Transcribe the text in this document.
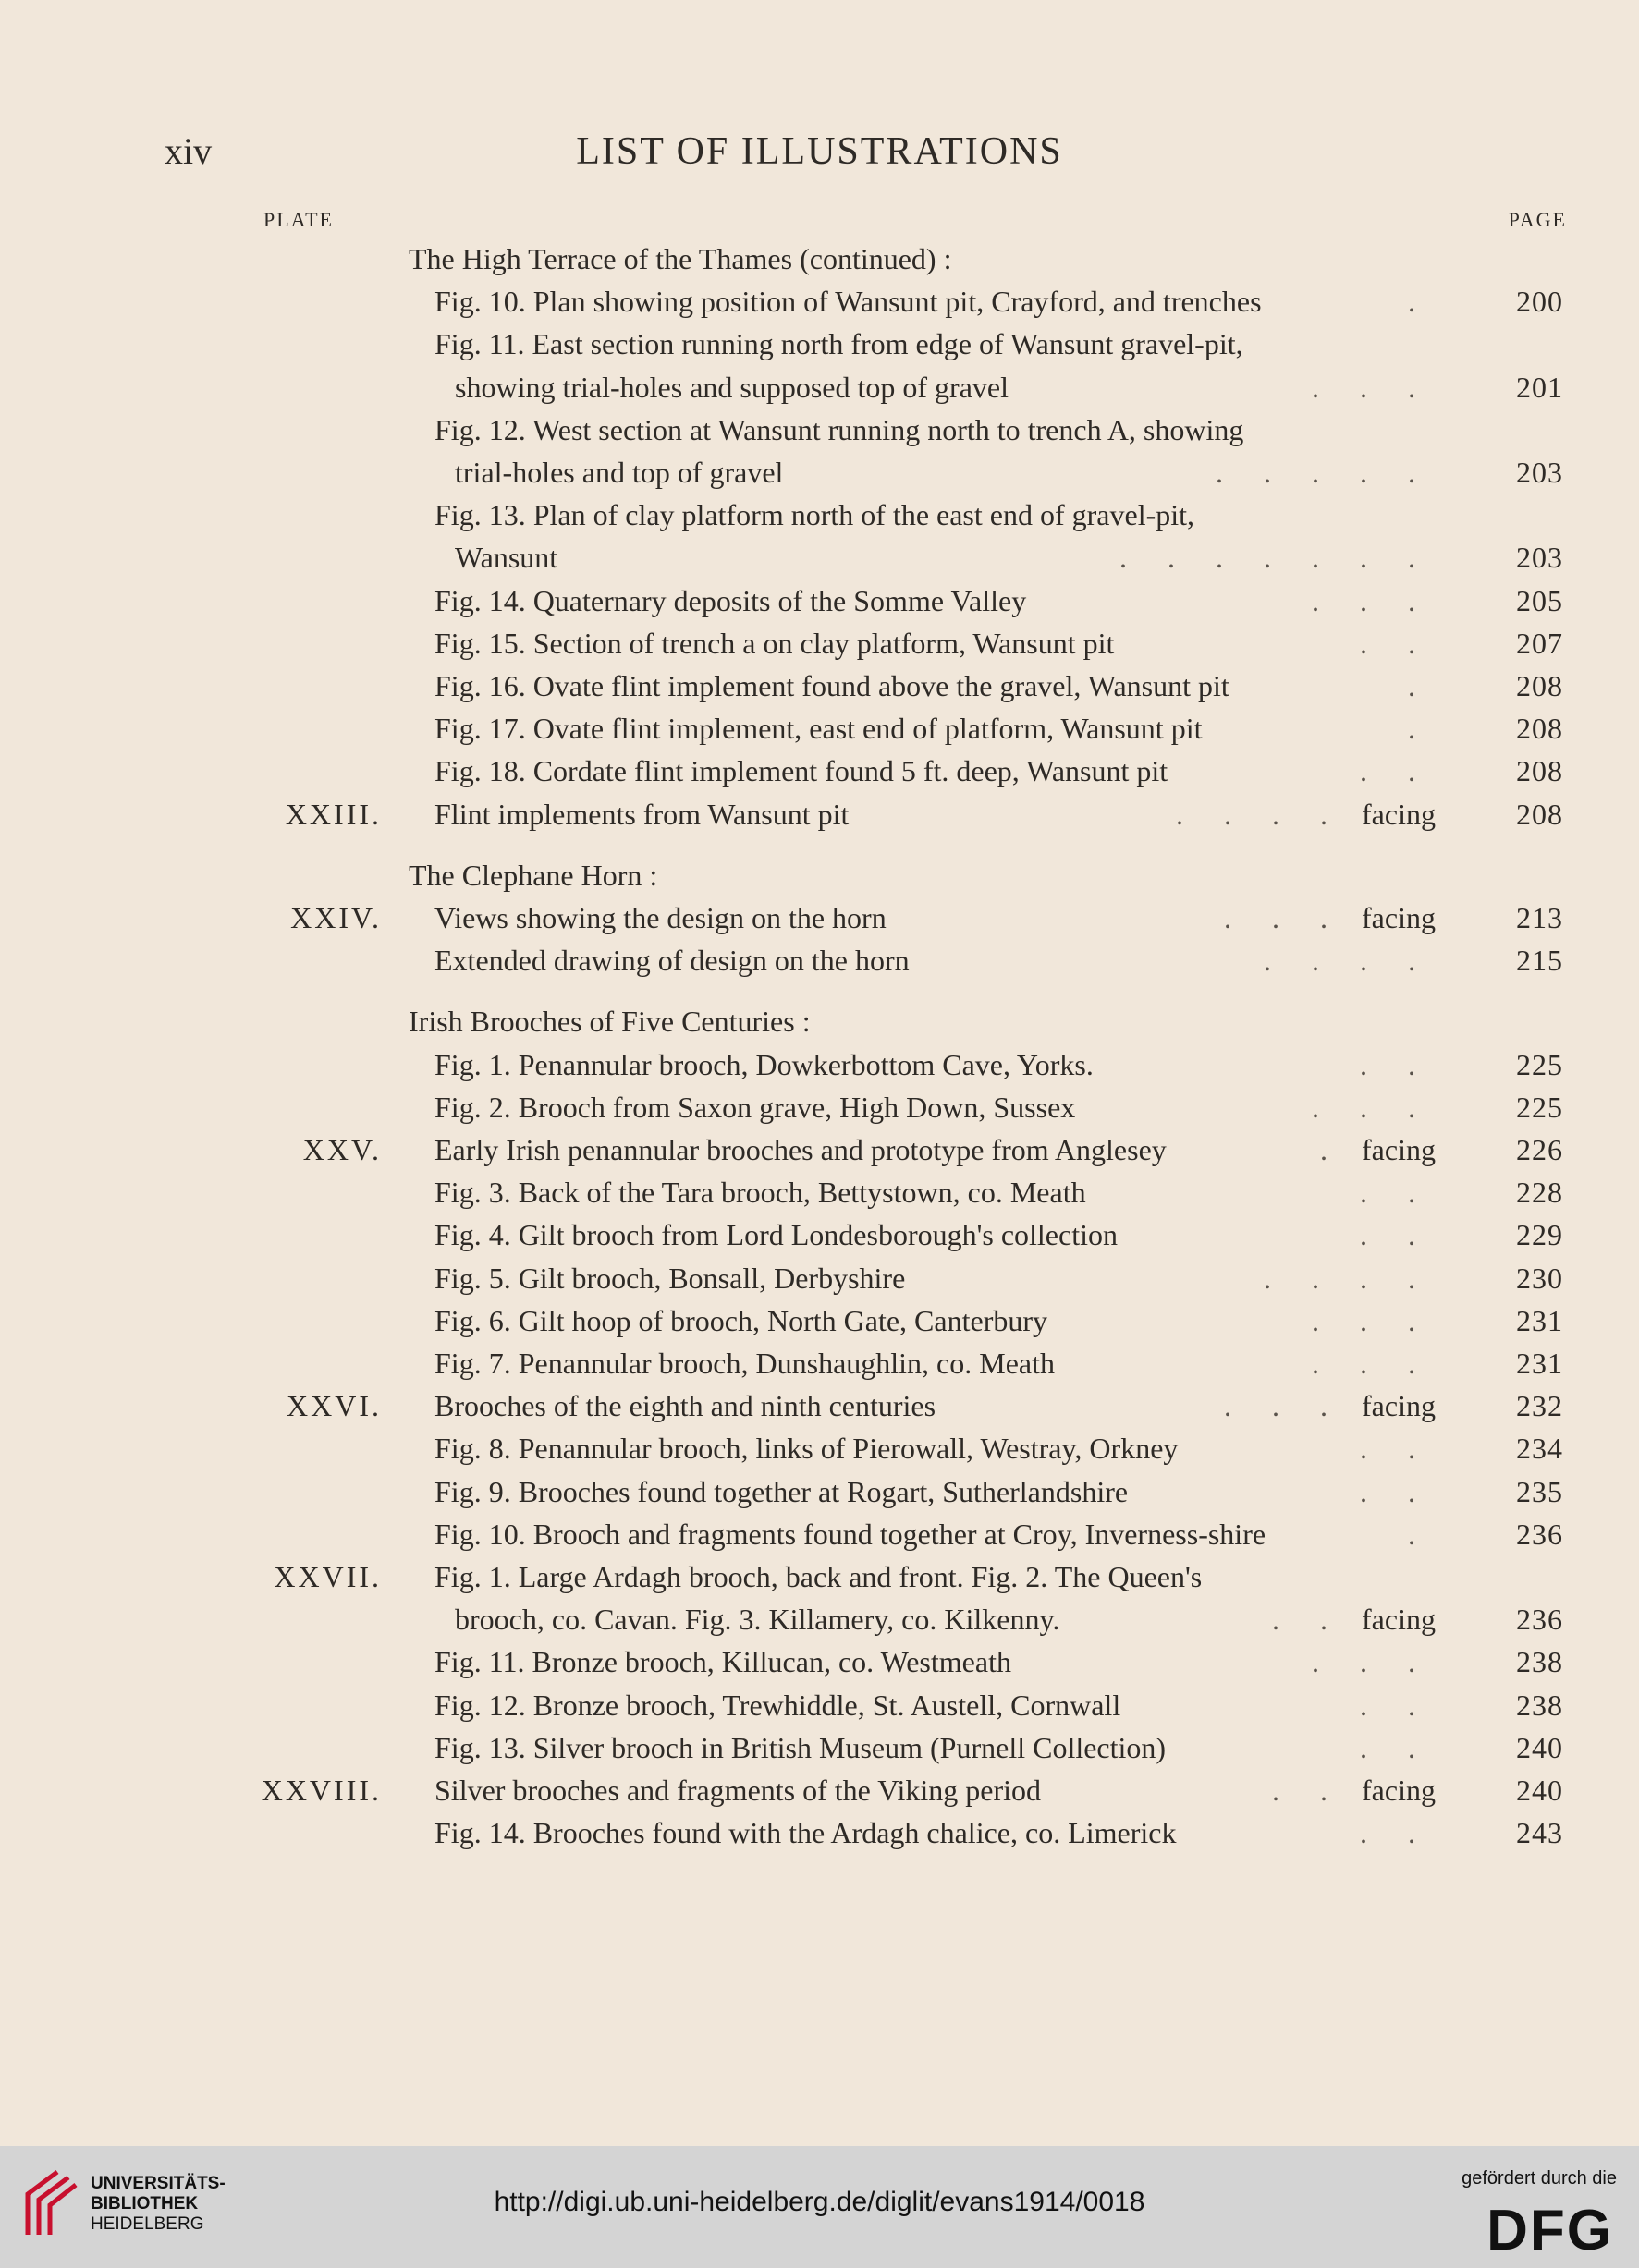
xiv	LIST OF ILLUSTRATIONS
PLATE	PAGE
The High Terrace of the Thames (continued) :
Fig. 10. Plan showing position of Wansunt pit, Crayford, and trenches	200
.
Fig. 11. East section running north from edge of Wansunt gravel-pit,
showing trial-holes and supposed top of gravel	201
. . .
Fig. 12. West section at Wansunt running north to trench A, showing
trial-holes and top of gravel	203
. . . . .
Fig. 13. Plan of clay platform north of the east end of gravel-pit,
Wansunt	203
. . . . . . .
Fig. 14. Quaternary deposits of the Somme Valley	205
. . .
Fig. 15. Section of trench a on clay platform, Wansunt pit	207
. .
Fig. 16. Ovate flint implement found above the gravel, Wansunt pit	208
.
Fig. 17. Ovate flint implement, east end of platform, Wansunt pit	208
.
Fig. 18. Cordate flint implement found 5 ft. deep, Wansunt pit	208
. .
XXIII. Flint implements from Wansunt pit	facing	208
. . . .
The Clephane Horn :
XXIV. Views showing the design on the horn	facing	213
. . .
Extended drawing of design on the horn	215
. . . .
Irish Brooches of Five Centuries :
Fig. 1. Penannular brooch, Dowkerbottom Cave, Yorks.	225
. .
Fig. 2. Brooch from Saxon grave, High Down, Sussex	225
. . .
XXV. Early Irish penannular brooches and prototype from Anglesey	facing	226
.
Fig. 3. Back of the Tara brooch, Bettystown, co. Meath	228
. .
Fig. 4. Gilt brooch from Lord Londesborough's collection	229
. .
Fig. 5. Gilt brooch, Bonsall, Derbyshire	230
. . . .
Fig. 6. Gilt hoop of brooch, North Gate, Canterbury	231
. . .
Fig. 7. Penannular brooch, Dunshaughlin, co. Meath	231
. . .
XXVI. Brooches of the eighth and ninth centuries	facing	232
. . .
Fig. 8. Penannular brooch, links of Pierowall, Westray, Orkney	234
. .
Fig. 9. Brooches found together at Rogart, Sutherlandshire	235
. .
Fig. 10. Brooch and fragments found together at Croy, Inverness-shire	236
.
XXVII. Fig. 1. Large Ardagh brooch, back and front. Fig. 2. The Queen's
brooch, co. Cavan. Fig. 3. Killamery, co. Kilkenny.	facing	236
. .
Fig. 11. Bronze brooch, Killucan, co. Westmeath	238
. . .
Fig. 12. Bronze brooch, Trewhiddle, St. Austell, Cornwall	238
. .
Fig. 13. Silver brooch in British Museum (Purnell Collection)	240
. .
XXVIII. Silver brooches and fragments of the Viking period	facing	240
. .
Fig. 14. Brooches found with the Ardagh chalice, co. Limerick	243
. .
UNIVERSITÄTS-
BIBLIOTHEK
HEIDELBERG
http://digi.ub.uni-heidelberg.de/diglit/evans1914/0018
gefördert durch die
DFG
